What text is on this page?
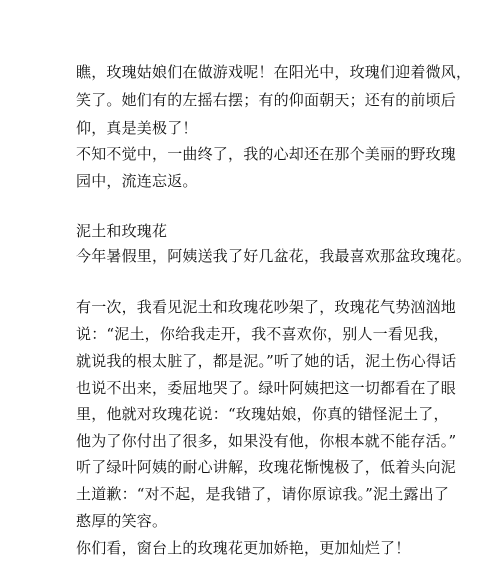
瞧，玫瑰姑娘们在做游戏呢！在阳光中，玫瑰们迎着微风，
笑了。她们有的左摇右摆；有的仰面朝天；还有的前顷后
仰，真是美极了！
不知不觉中，一曲终了，我的心却还在那个美丽的野玫瑰
园中，流连忘返。
泥土和玫瑰花
今年暑假里，阿姨送我了好几盆花，我最喜欢那盆玫瑰花。
有一次，我看见泥土和玫瑰花吵架了，玫瑰花气势汹汹地
说：“泥土，你给我走开，我不喜欢你，别人一看见我，
就说我的根太脏了，都是泥。”听了她的话，泥土伤心得话
也说不出来，委屈地哭了。绿叶阿姨把这一切都看在了眼
里，他就对玫瑰花说：“玫瑰姑娘，你真的错怪泥土了，
他为了你付出了很多，如果没有他，你根本就不能存活。”
听了绿叶阿姨的耐心讲解，玫瑰花惭愧极了，低着头向泥
土道歉：“对不起，是我错了，请你原谅我。”泥土露出了
憨厚的笑容。
你们看，窗台上的玫瑰花更加娇艳，更加灿烂了！
